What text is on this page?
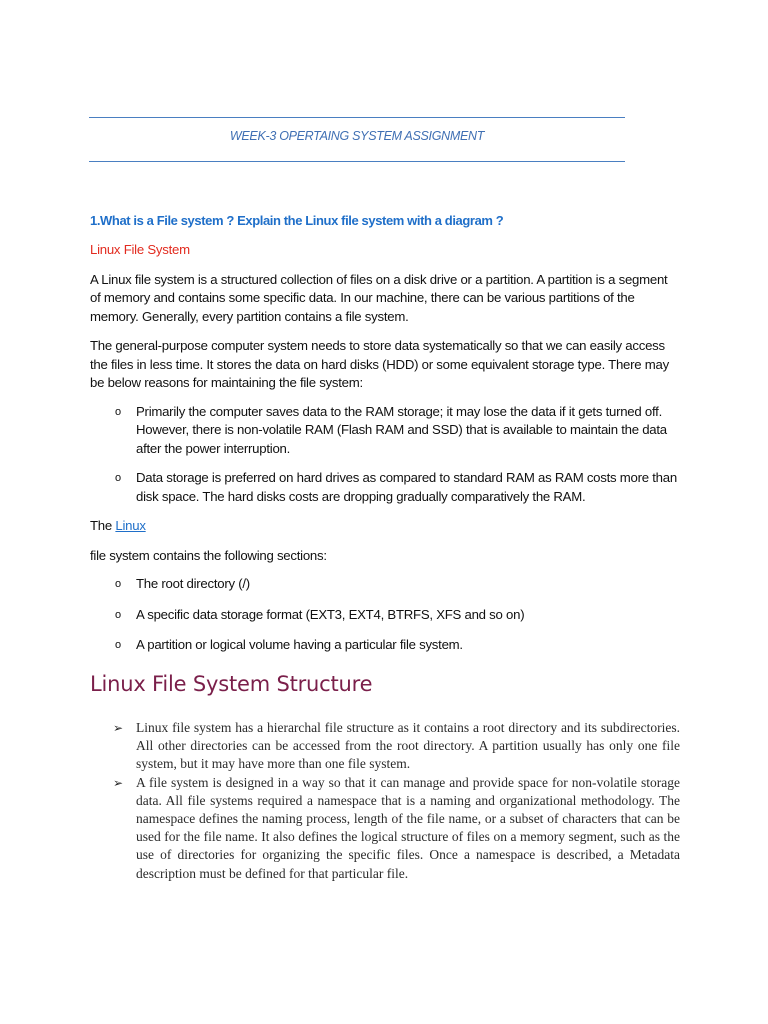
WEEK-3 OPERTAING SYSTEM ASSIGNMENT

1.What is a File system ? Explain the Linux file system with a diagram ?

Linux File System

A Linux file system is a structured collection of files on a disk drive or a partition. A partition is a segment of memory and contains some specific data. In our machine, there can be various partitions of the memory. Generally, every partition contains a file system.

The general-purpose computer system needs to store data systematically so that we can easily access the files in less time. It stores the data on hard disks (HDD) or some equivalent storage type. There may be below reasons for maintaining the file system:

o Primarily the computer saves data to the RAM storage; it may lose the data if it gets turned off. However, there is non-volatile RAM (Flash RAM and SSD) that is available to maintain the data after the power interruption.
o Data storage is preferred on hard drives as compared to standard RAM as RAM costs more than disk space. The hard disks costs are dropping gradually comparatively the RAM.

The Linux

file system contains the following sections:

o The root directory (/)
o A specific data storage format (EXT3, EXT4, BTRFS, XFS and so on)
o A partition or logical volume having a particular file system.
Linux File System Structure
➢ Linux file system has a hierarchal file structure as it contains a root directory and its subdirectories. All other directories can be accessed from the root directory. A partition usually has only one file system, but it may have more than one file system.
➢ A file system is designed in a way so that it can manage and provide space for non-volatile storage data. All file systems required a namespace that is a naming and organizational methodology. The namespace defines the naming process, length of the file name, or a subset of characters that can be used for the file name. It also defines the logical structure of files on a memory segment, such as the use of directories for organizing the specific files. Once a namespace is described, a Metadata description must be defined for that particular file.
